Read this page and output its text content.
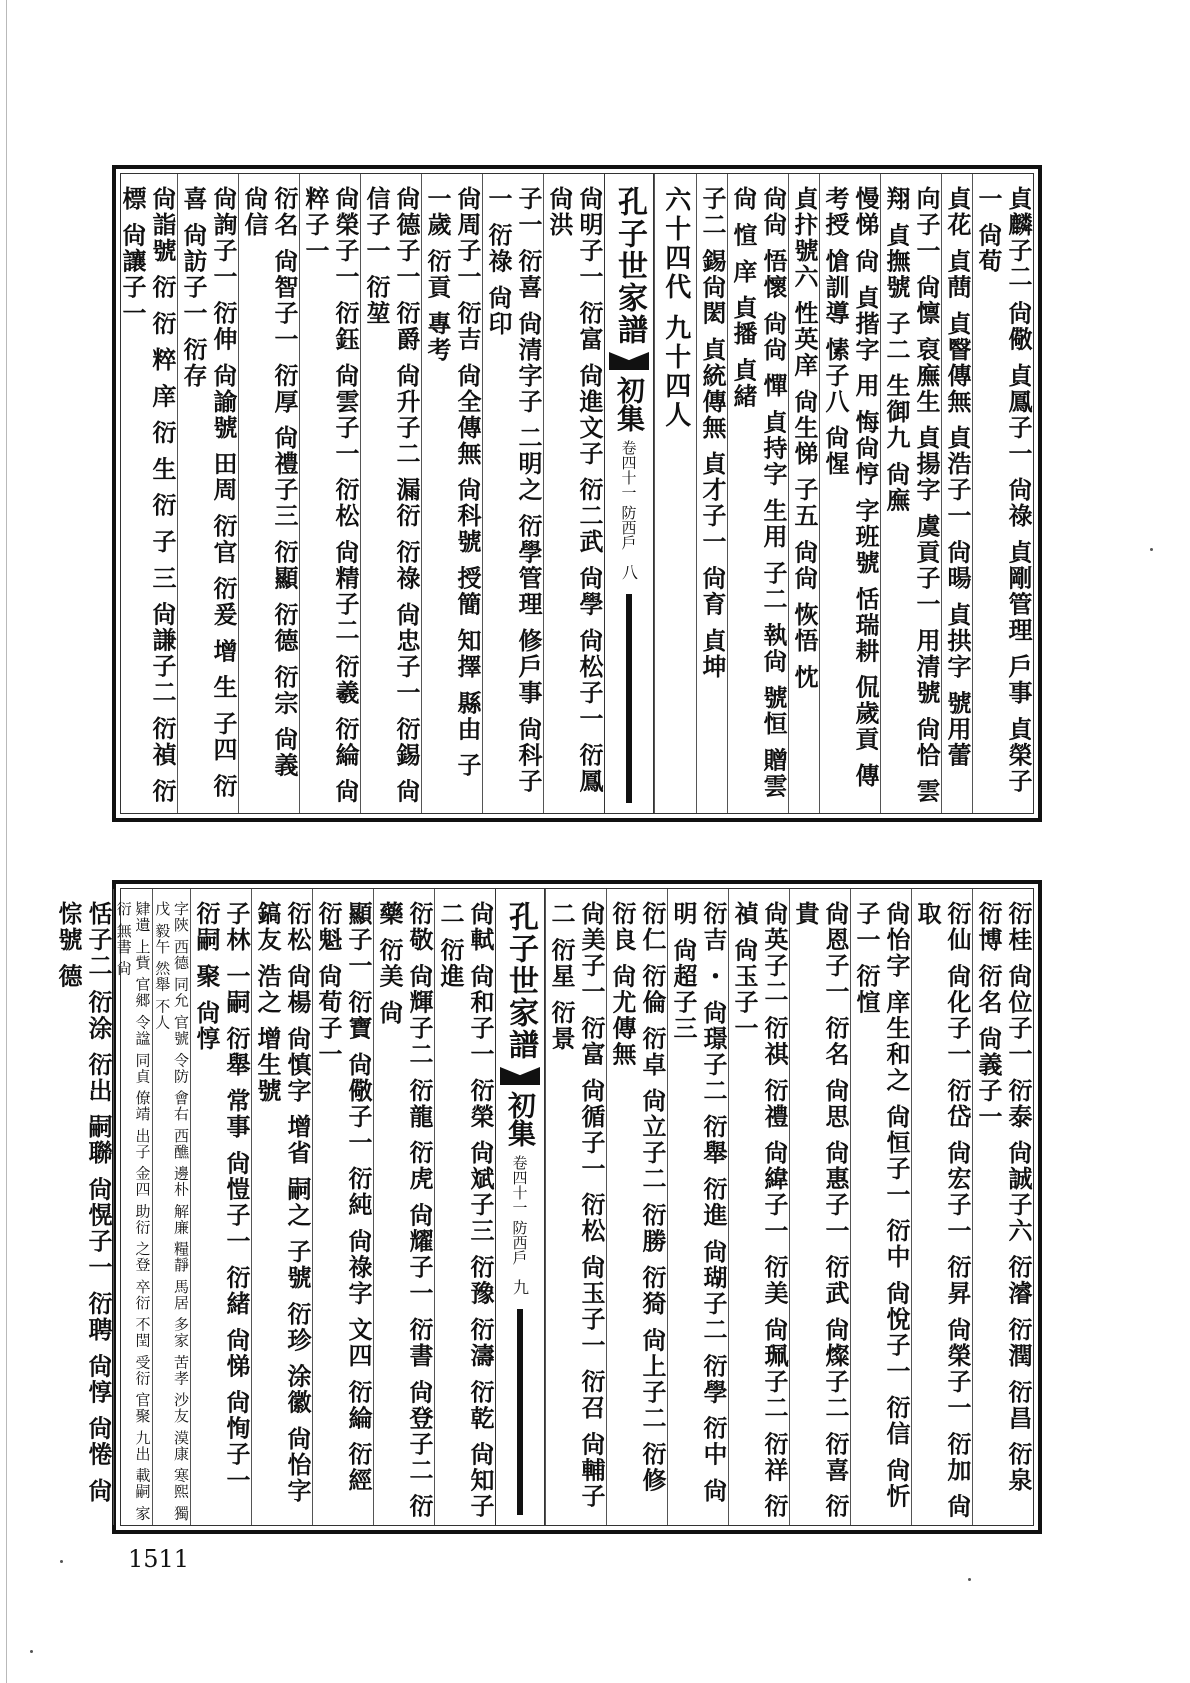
貞麟子二 尙儆 貞鳳子一 尙祿 貞剛管理 戶事 貞榮子一 尙荀
貞花 貞蔄 貞瞖傳無 貞浩子一 尙暘 貞拱字 號用蕾
向子一 尙懔 裒廡生 貞揚字 虞貢子一 用清號 尙恰 雲翔 貞撫號 子二 生御九 尙廡
慢悌 尙 貞揩字 用 悔尙悙 字班號 恬瑞耕 侃歲貢 傳考授 愴訓導 愫子八 尙惺
貞抃號六 性英庠 尙生悌 子五 尙尙 恢悟 忱
尙尙 悟懷 尙尙 憚 貞持字 生用 子二 執尙 號恒 贈雲 尙 愃 庠 貞播 貞緒
子二 錫尙閎 貞統傳無 貞才子一 尙育 貞坤
六十四代 九十四人
孔子世家譜
初集
卷四十一 防西戶
八
尙明子一 衍富 尙進文子 衍二武 尙學 尙松子一 衍鳳 尙洪
子一 衍喜 尙清字子 二明之 衍學管理 修戶事 尙科子一 衍祿 尙印
尙周子一 衍吉 尙全傳無 尙科號 授簡 知擇 縣由 子 一歲 衍貢 專考
尙德子一 衍爵 尙升子二 漏衍 衍祿 尙忠子一 衍錫 尙信子一 衍堃
尙榮子一 衍鈺 尙雲子一 衍松 尙精子二 衍羲 衍綸 尙粹子一
衍名 尙智子一 衍厚 尙禮子三 衍顯 衍德 衍宗 尙義 尙信
尙詢子一 衍伸 尙諭號 田周 衍官 衍爰 增 生 子四 衍喜 尙訪子一 衍存
尙詣號 衍 衍 粹 庠 衍 生 衍 子 三 尙謙子二 衍禎 衍標 尙讓子一
衍桂 尙位子一 衍泰 尙誠子六 衍濬 衍潤 衍昌 衍泉 衍博 衍名 尙義子一
衍仙 尙化子一 衍岱 尙宏子一 衍昇 尙榮子一 衍加 尙取
尙怡字 庠生和之 尙恒子一 衍中 尙悅子一 衍信 尙忻子一 衍愃
尙恩子一 衍名 尙思 尙惠子一 衍武 尙燦子二 衍喜 衍貴
尙英子二 衍祺 衍禮 尙緯子一 衍美 尙珮子二 衍祥 衍禎 尙玉子一
衍吉 ・ 尙璟子二 衍舉 衍進 尙瑚子二 衍學 衍中 尙明 尙超子三
衍仁 衍倫 衍卓 尙立子二 衍勝 衍猗 尙上子二 衍修 衍良 尙尤傳無
尙美子一 衍富 尙循子一 衍松 尙玉子一 衍召 尙輔子二 衍星 衍景
孔子世家譜
初集
卷四十一 防西戶
九
尙軾 尙和子一 衍榮 尙斌子三 衍豫 衍濤 衍乾 尙知子二 衍進
衍敬 尙輝子二 衍龍 衍虎 尙耀子一 衍書 尙登子二 衍藥 衍美 尙
顯子一 衍寶 尙儆子一 衍純 尙祿字 文四 衍綸 衍經 衍魁 尙荀子一
衍松 尙楊 尙慎字 增省 嗣之 子號 衍珍 涂徽 尙怡字 鎬友 浩之 增生號
子林 一嗣 衍舉 常事 尙愷子一 衍緒 尙悌 尙恂子一 衍嗣 聚 尙惇
字陝 西德 同允 官號 令防 會右 西醮 邊朴 解廉 糧靜 馬居 多家 苦孝 沙友 漠康 寒熙 獨戊 毅午 然舉 不人
肄遺 上貲 官郷 令諡 同貞 僚靖 出子 金四 助衍 之登 卒衍 不閏 受衍 官聚 九出 載嗣 家衍 無書 尙
恬子二 衍涂 衍出 嗣聯 尙愰子一 衍聘 尙惇 尙惓 尙悰號 德
1511
